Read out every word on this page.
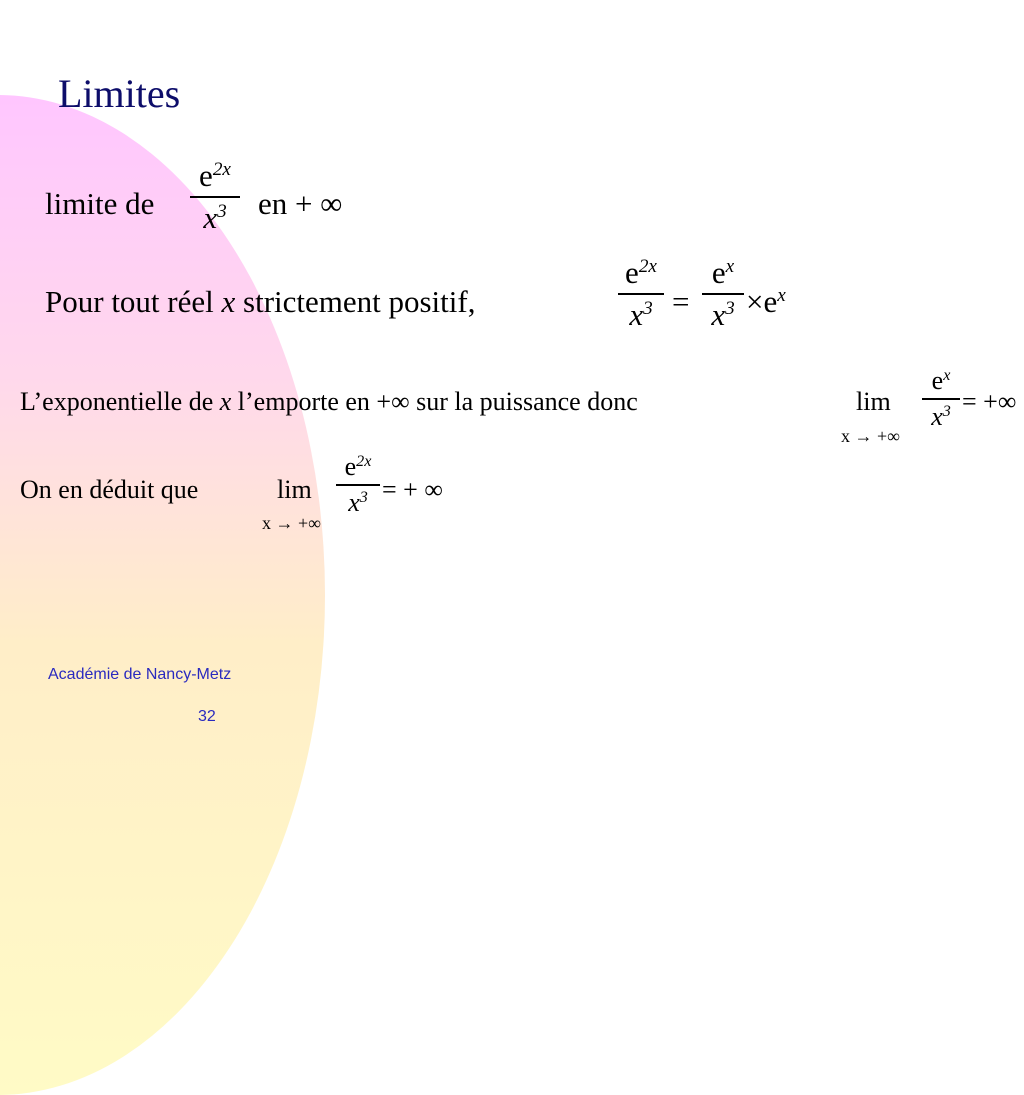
Limites
limite de
$e^{2x}$
$x^3$	en + ∞
Pour tout réel x strictement positif,
$e^{2x}$
$x^3$ =
$e^x$
$x^3 \times e^x$
L’exponentielle de x l’emporte en +∞ sur la puissance donc	lim
x → +∞
$e^x$
$x^3$ = +∞
On en déduit que	lim
x → +∞
$e^{2x}$
$x^3$ = + ∞
Académie de Nancy-Metz
32
